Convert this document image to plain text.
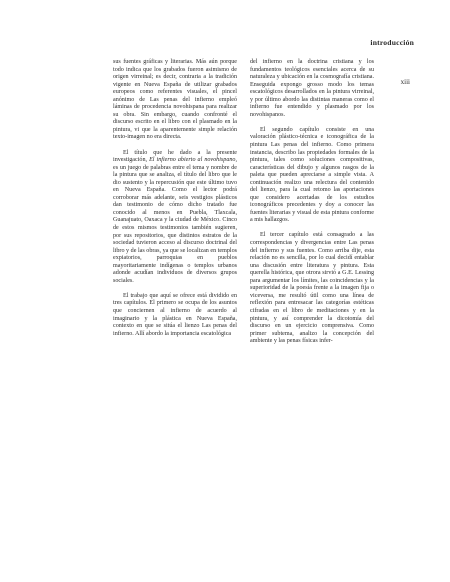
introducción
xiii

sus fuentes gráficas y literarias. Más aún porque todo indica que los grabados fueron asimismo de origen virreinal; es decir, contraria a la tradición vigente en Nueva España de utilizar grabados europeos como referentes visuales, el pincel anónimo de Las penas del infierno empleó láminas de procedencia novohispana para realizar su obra. Sin embargo, cuando confronté el discurso escrito en el libro con el plasmado en la pintura, vi que la aparentemente simple relación texto-imagen no era directa.

El título que he dado a la presente investigación, El infierno abierto al novohispano, es un juego de palabras entre el tema y nombre de la pintura que se analiza, el título del libro que le dio sustento y la repercusión que este último tuvo en Nueva España. Como el lector podrá corroborar más adelante, seis vestigios plásticos dan testimonio de cómo dicho tratado fue conocido al menos en Puebla, Tlaxcala, Guanajuato, Oaxaca y la ciudad de México. Cinco de estos mismos testimonios también sugieren, por sus repositorios, que distintos estratos de la sociedad tuvieron acceso al discurso doctrinal del libro y de las obras, ya que se localizan en templos expiatorios, parroquias en pueblos mayoritariamente indígenas o templos urbanos adonde acudían individuos de diversos grupos sociales.

El trabajo que aquí se ofrece está dividido en tres capítulos. El primero se ocupa de los asuntos que conciernen al infierno de acuerdo al imaginario y la plástica en Nueva España, contexto en que se sitúa el lienzo Las penas del infierno. Allí abordo la importancia escatológica

del infierno en la doctrina cristiana y los fundamentos teológicos esenciales acerca de su naturaleza y ubicación en la cosmografía cristiana. Enseguida expongo grosso modo los temas escatológicos desarrollados en la pintura virreinal, y por último abordo las distintas maneras como el infierno fue entendido y plasmado por los novohispanos.

El segundo capítulo consiste en una valoración plástico-técnica e iconográfica de la pintura Las penas del infierno. Como primera instancia, describo las propiedades formales de la pintura, tales como soluciones compositivas, características del dibujo y algunos rasgos de la paleta que pueden apreciarse a simple vista. A continuación realizo una relectura del contenido del lienzo, para la cual retomo las aportaciones que considero acertadas de los estudios iconográficos precedentes y doy a conocer las fuentes literarias y visual de esta pintura conforme a mis hallazgos.

El tercer capítulo está consagrado a las correspondencias y divergencias entre Las penas del infierno y sus fuentes. Como arriba dije, esta relación no es sencilla, por lo cual decidí entablar una discusión entre literatura y pintura. Esta querella histórica, que otrora sirvió a G.E. Lessing para argumentar los límites, las coincidencias y la superioridad de la poesía frente a la imagen fija o viceversa, me resultó útil como una línea de reflexión para entresacar las categorías estéticas cifradas en el libro de meditaciones y en la pintura, y así comprender la dicotomía del discurso en un ejercicio comprensiva. Como primer subtema, analizo la concepción del ambiente y las penas físicas infer-
